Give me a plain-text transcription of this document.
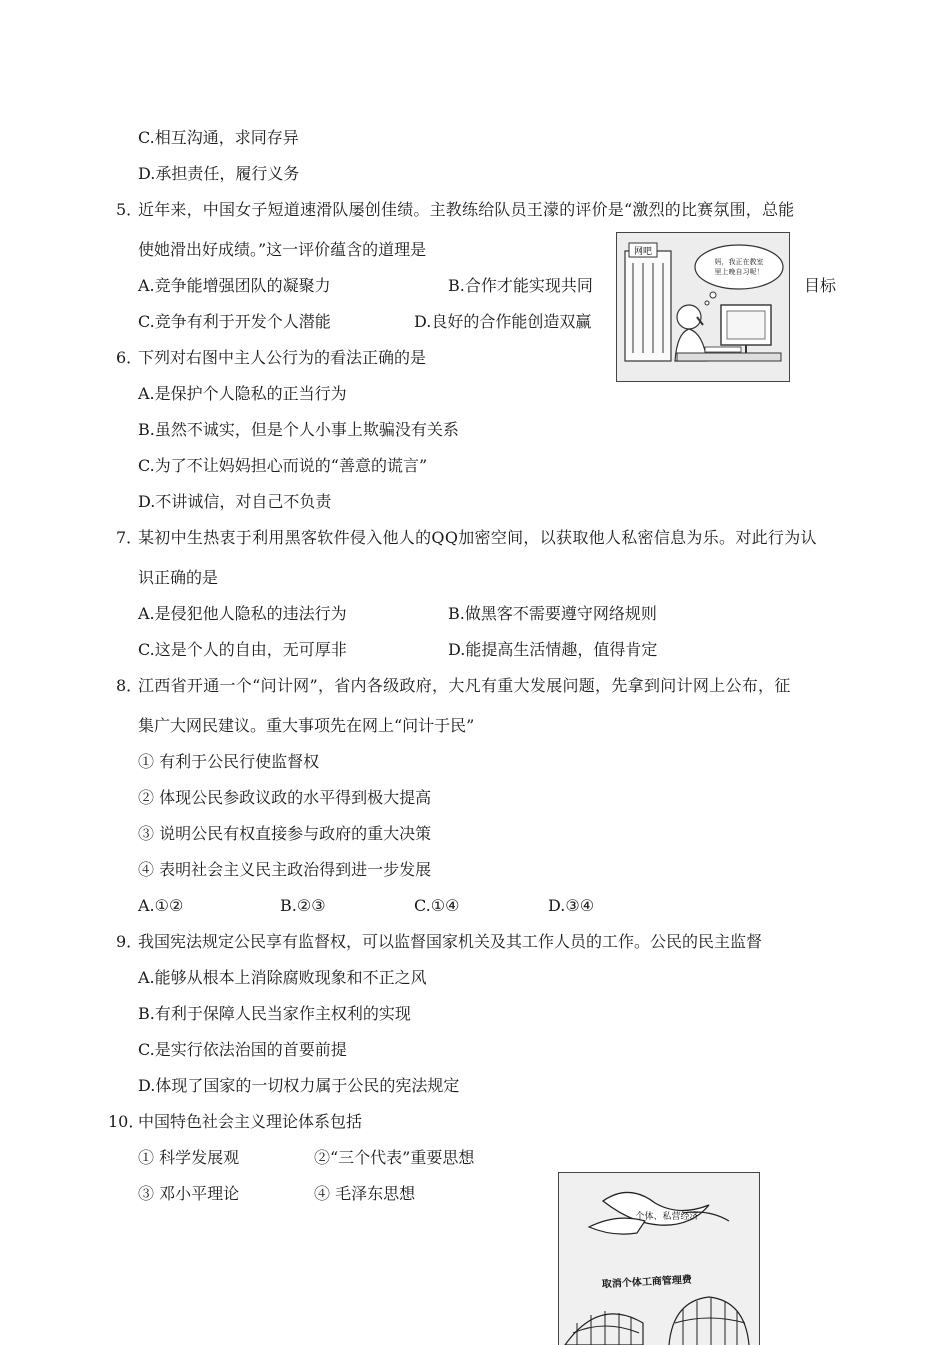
C.相互沟通，求同存异
D.承担责任，履行义务
5．
近年来，中国女子短道速滑队屡创佳绩。主教练给队员王濛的评价是“激烈的比赛氛围，总能
使她滑出好成绩。”这一评价蕴含的道理是
A.竞争能增强团队的凝聚力	B.合作才能实现共同	目标
C.竞争有利于开发个人潜能	D.良好的合作能创造双赢
网吧
妈，我正在教室
里上晚自习呢！
6．
下列对右图中主人公行为的看法正确的是
A.是保护个人隐私的正当行为
B.虽然不诚实，但是个人小事上欺骗没有关系
C.为了不让妈妈担心而说的“善意的谎言”
D.不讲诚信，对自己不负责
7．
某初中生热衷于利用黑客软件侵入他人的QQ加密空间，以获取他人私密信息为乐。对此行为认
识正确的是
A.是侵犯他人隐私的违法行为	B.做黑客不需要遵守网络规则
C.这是个人的自由，无可厚非	D.能提高生活情趣，值得肯定
8．
江西省开通一个“问计网”，省内各级政府，大凡有重大发展问题，先拿到问计网上公布，征
集广大网民建议。重大事项先在网上“问计于民”
① 有利于公民行使监督权
② 体现公民参政议政的水平得到极大提高
③ 说明公民有权直接参与政府的重大决策
④ 表明社会主义民主政治得到进一步发展
A.①②	B.②③	C.①④	D.③④
9．
我国宪法规定公民享有监督权，可以监督国家机关及其工作人员的工作。公民的民主监督
A.能够从根本上消除腐败现象和不正之风
B.有利于保障人民当家作主权利的实现
C.是实行依法治国的首要前提
D.体现了国家的一切权力属于公民的宪法规定
10．
中国特色社会主义理论体系包括
① 科学发展观	②“三个代表”重要思想
③ 邓小平理论	④ 毛泽东思想
个体、私营经济
取消个体工商管理费
